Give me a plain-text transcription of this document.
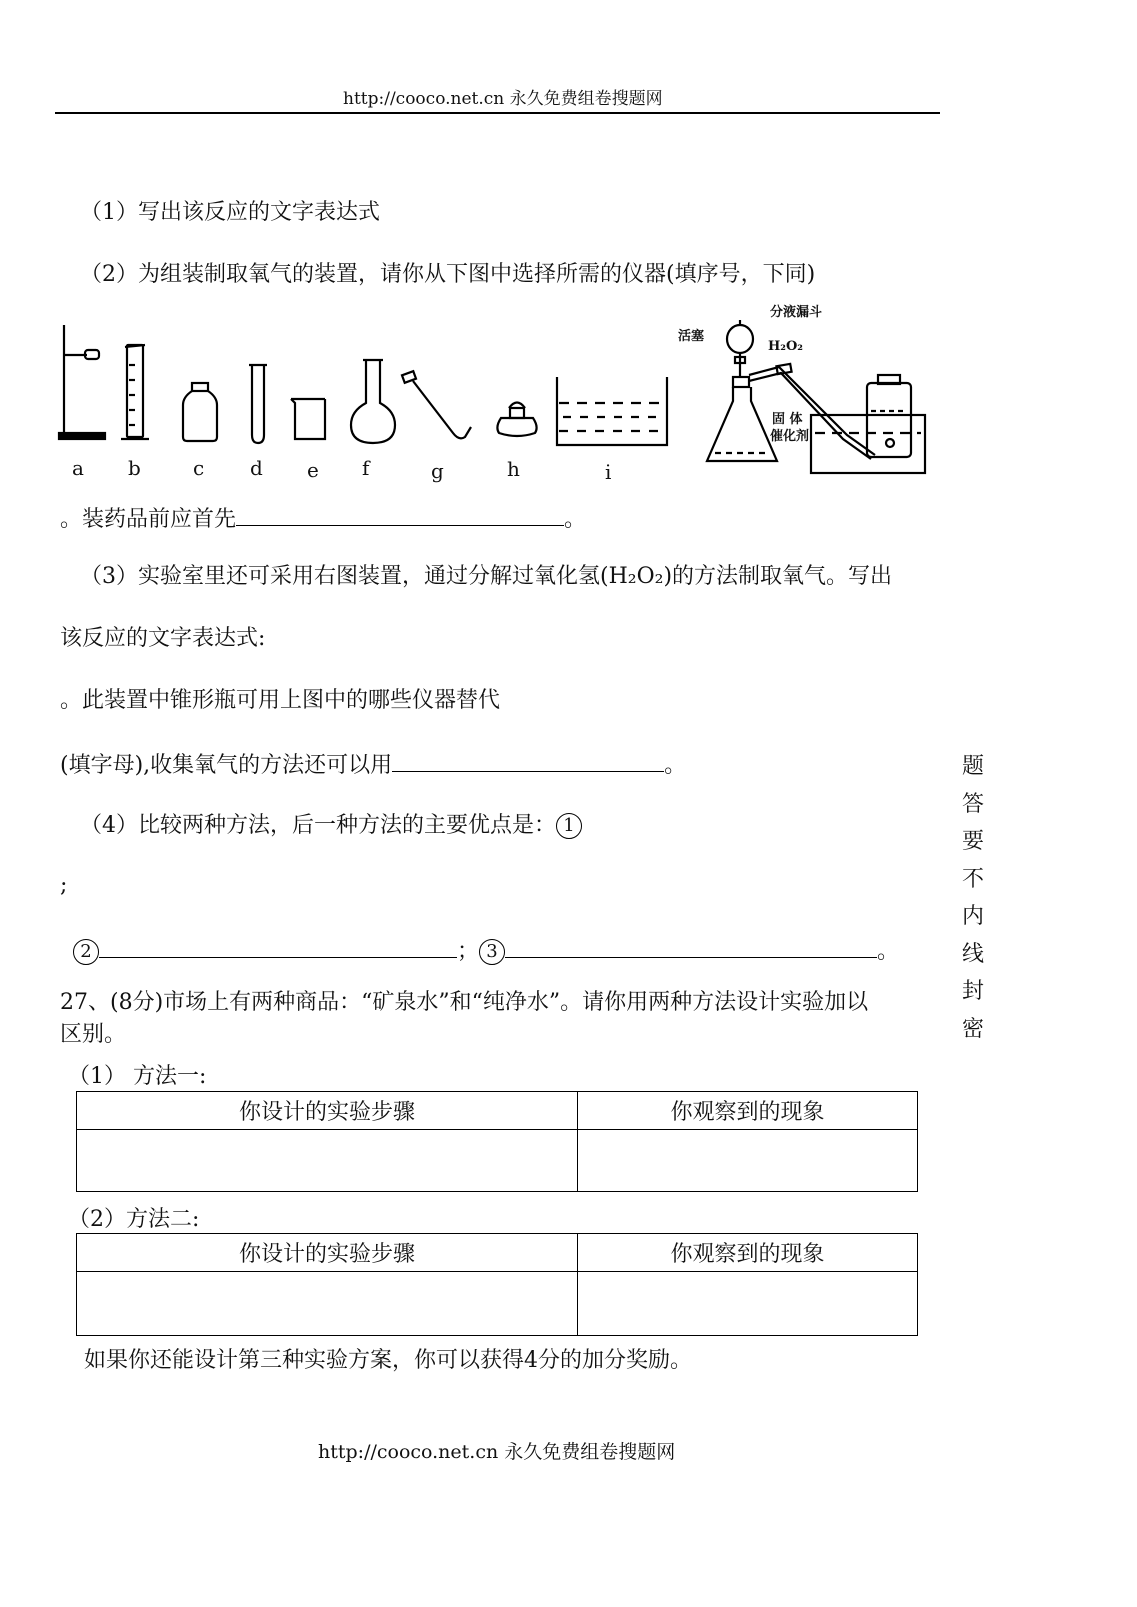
http://cooco.net.cn 永久免费组卷搜题网
（1）写出该反应的文字表达式
（2）为组装制取氧气的装置，请你从下图中选择所需的仪器(填序号，下同)
a b	c d e f	g	h	i
分液漏斗
活塞
H₂O₂
固 体
催化剂
。装药品前应首先	。
（3）实验室里还可采用右图装置，通过分解过氧化氢(H₂O₂)的方法制取氧气。写出
该反应的文字表达式:
。此装置中锥形瓶可用上图中的哪些仪器替代
(填字母),收集氧气的方法还可以用	。
（4）比较两种方法，后一种方法的主要优点是： 1
;
2	； 3	。
27、(8分)市场上有两种商品：“矿泉水”和“纯净水”。请你用两种方法设计实验加以
区别。
（1） 方法一:
你设计的实验步骤	你观察到的现象

（2）方法二:
你设计的实验步骤	你观察到的现象

如果你还能设计第三种实验方案，你可以获得4分的加分奖励。
题
答
要
不
内
线
封
密
http://cooco.net.cn 永久免费组卷搜题网
